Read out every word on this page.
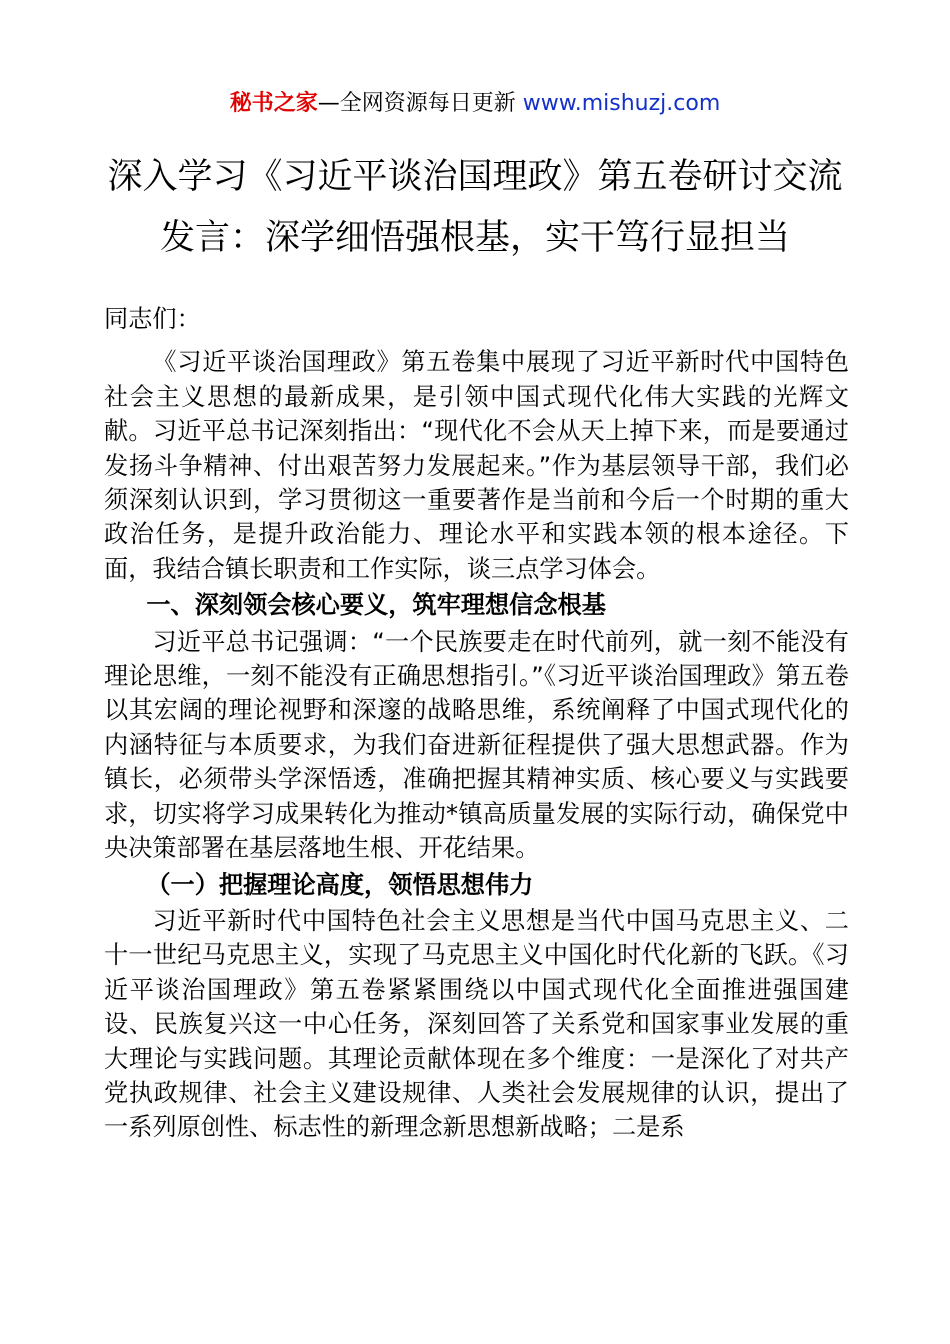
秘书之家—全网资源每日更新 www.mishuzj.com
深入学习《习近平谈治国理政》第五卷研讨交流
发言：深学细悟强根基，实干笃行显担当

同志们：

《习近平谈治国理政》第五卷集中展现了习近平新时代中国特色社会主义思想的最新成果，是引领中国式现代化伟大实践的光辉文献。习近平总书记深刻指出：“现代化不会从天上掉下来，而是要通过发扬斗争精神、付出艰苦努力发展起来。”作为基层领导干部，我们必须深刻认识到，学习贯彻这一重要著作是当前和今后一个时期的重大政治任务，是提升政治能力、理论水平和实践本领的根本途径。下面，我结合镇长职责和工作实际，谈三点学习体会。

一、深刻领会核心要义，筑牢理想信念根基

习近平总书记强调：“一个民族要走在时代前列，就一刻不能没有理论思维，一刻不能没有正确思想指引。”《习近平谈治国理政》第五卷以其宏阔的理论视野和深邃的战略思维，系统阐释了中国式现代化的内涵特征与本质要求，为我们奋进新征程提供了强大思想武器。作为镇长，必须带头学深悟透，准确把握其精神实质、核心要义与实践要求，切实将学习成果转化为推动*镇高质量发展的实际行动，确保党中央决策部署在基层落地生根、开花结果。

（一）把握理论高度，领悟思想伟力

习近平新时代中国特色社会主义思想是当代中国马克思主义、二十一世纪马克思主义，实现了马克思主义中国化时代化新的飞跃。《习近平谈治国理政》第五卷紧紧围绕以中国式现代化全面推进强国建设、民族复兴这一中心任务，深刻回答了关系党和国家事业发展的重大理论与实践问题。其理论贡献体现在多个维度：一是深化了对共产党执政规律、社会主义建设规律、人类社会发展规律的认识，提出了一系列原创性、标志性的新理念新思想新战略；二是系
